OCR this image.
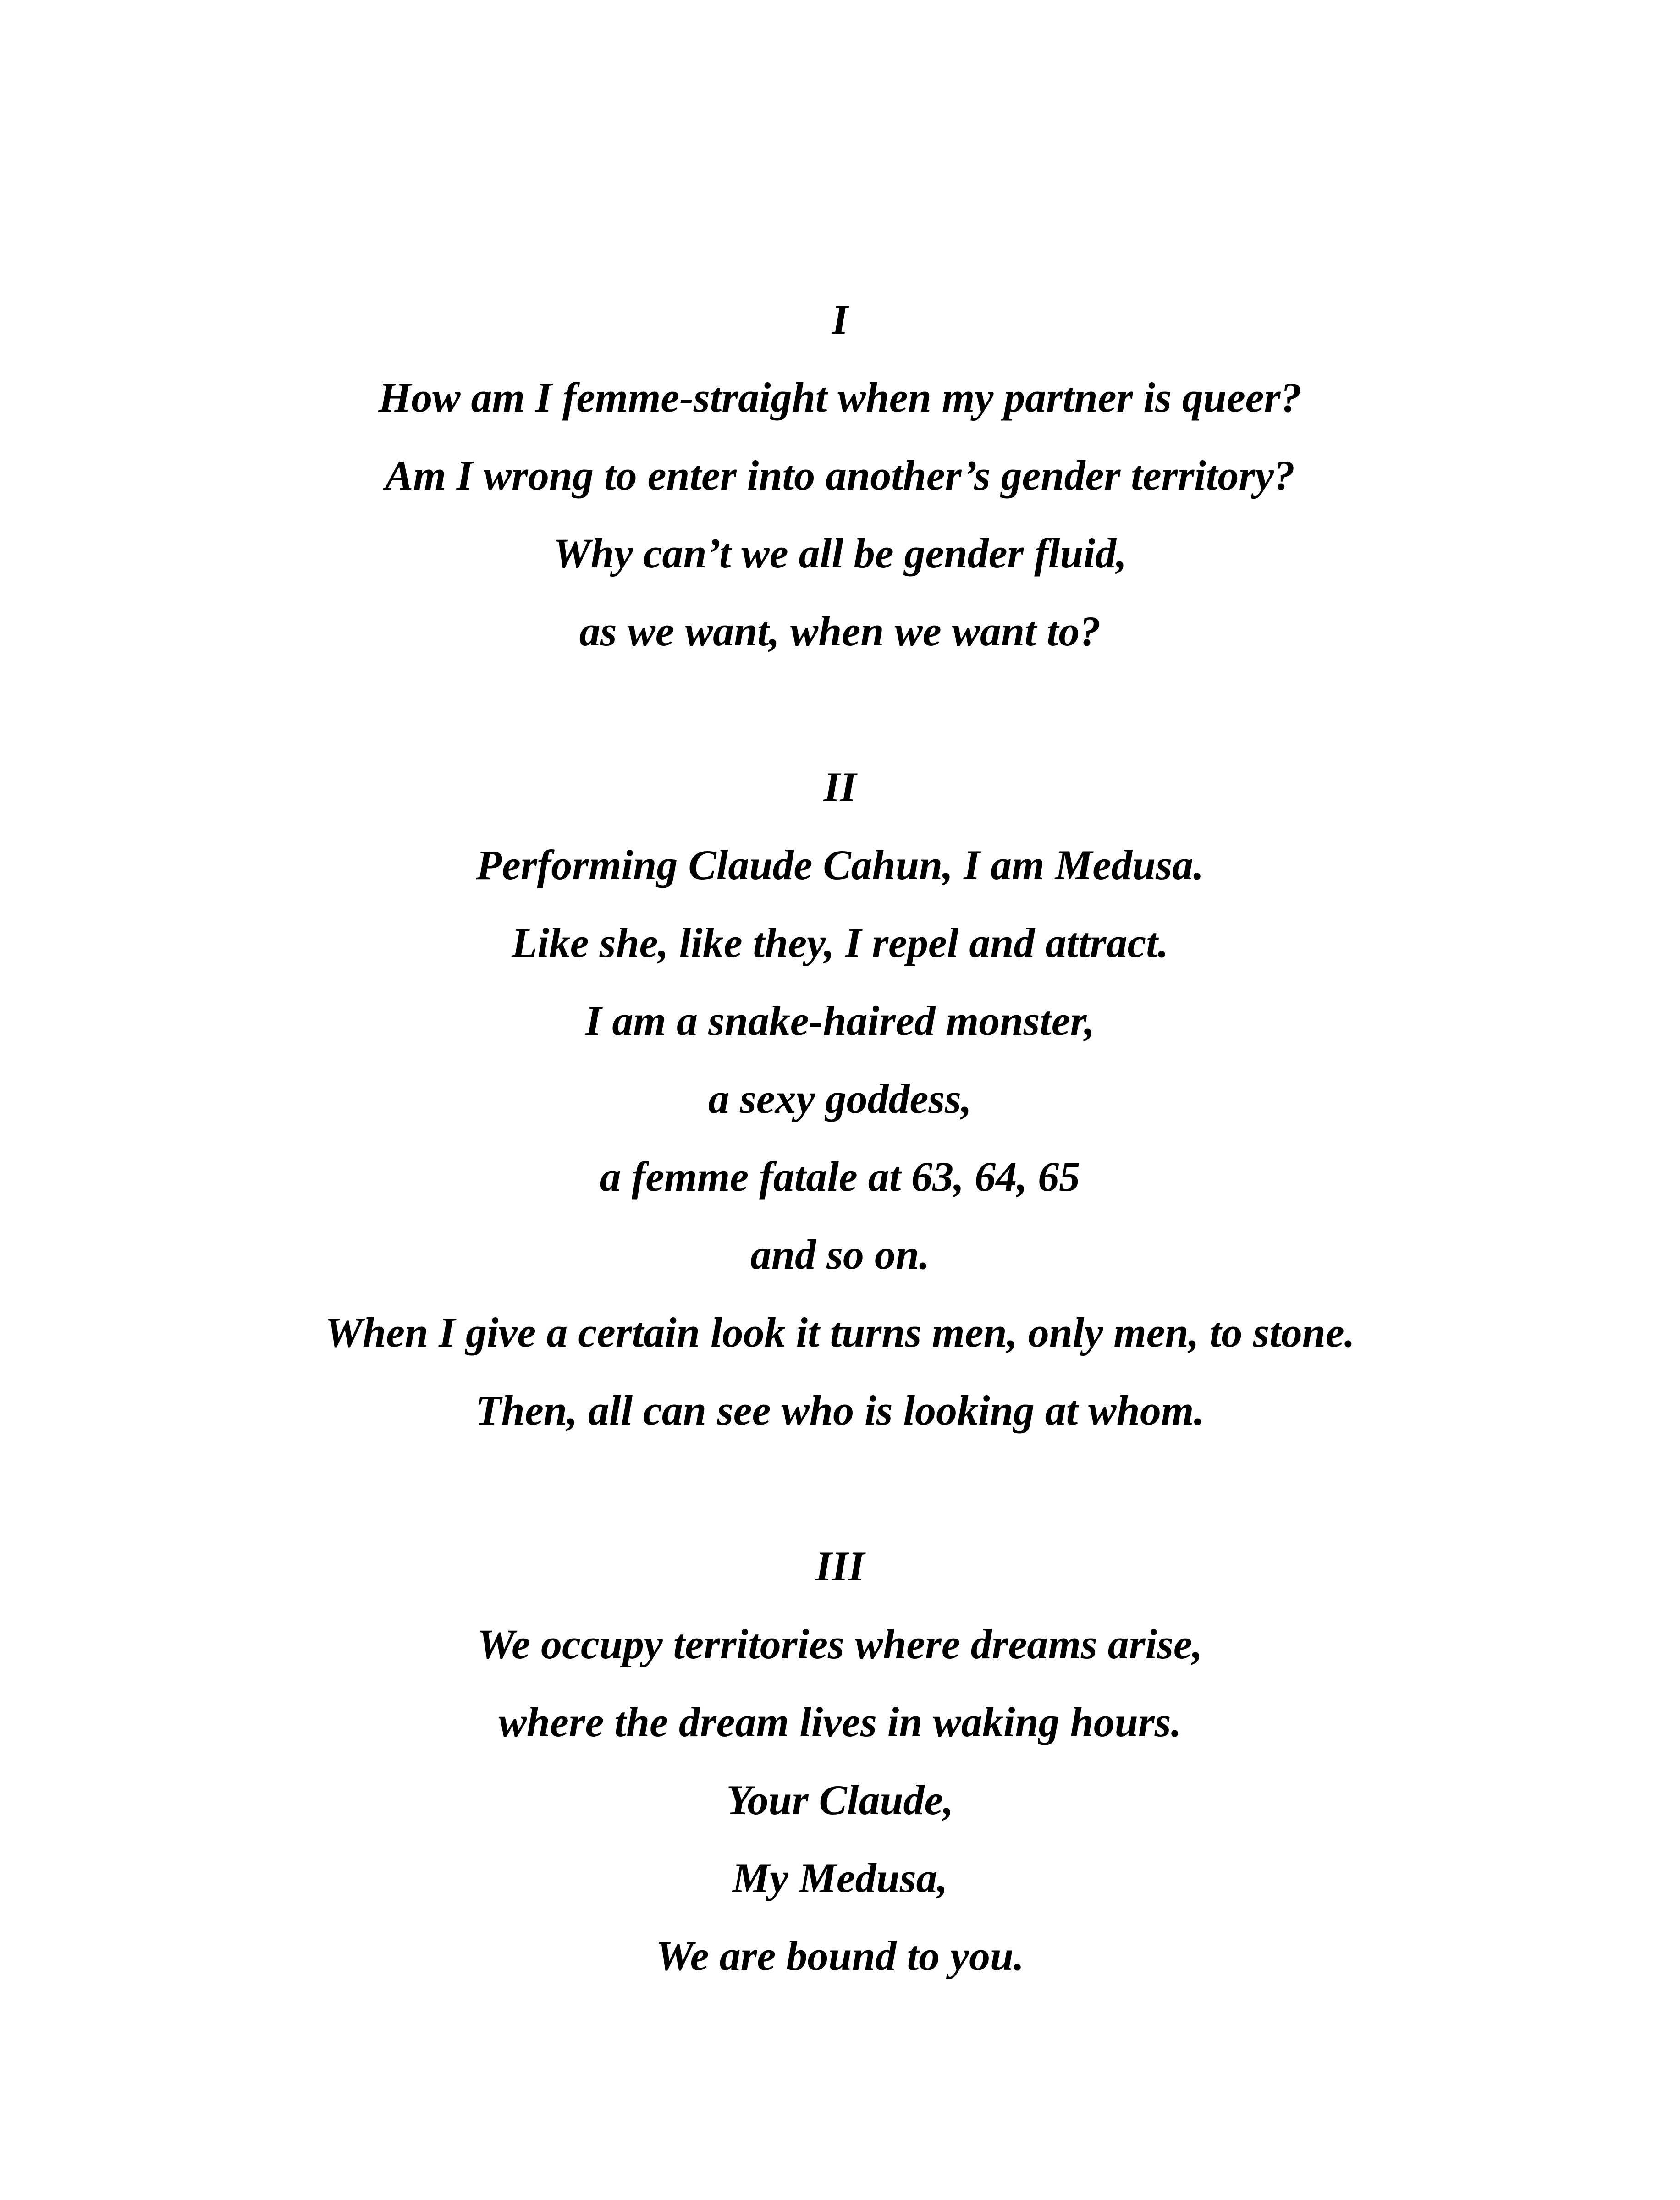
I
How am I femme-straight when my partner is queer?
Am I wrong to enter into another’s gender territory?
Why can’t we all be gender fluid,
as we want, when we want to?
II
Performing Claude Cahun, I am Medusa.
Like she, like they, I repel and attract.
I am a snake-haired monster,
a sexy goddess,
a femme fatale at 63, 64, 65
and so on.
When I give a certain look it turns men, only men, to stone.
Then, all can see who is looking at whom.
III
We occupy territories where dreams arise,
where the dream lives in waking hours.
Your Claude,
My Medusa,
We are bound to you.
